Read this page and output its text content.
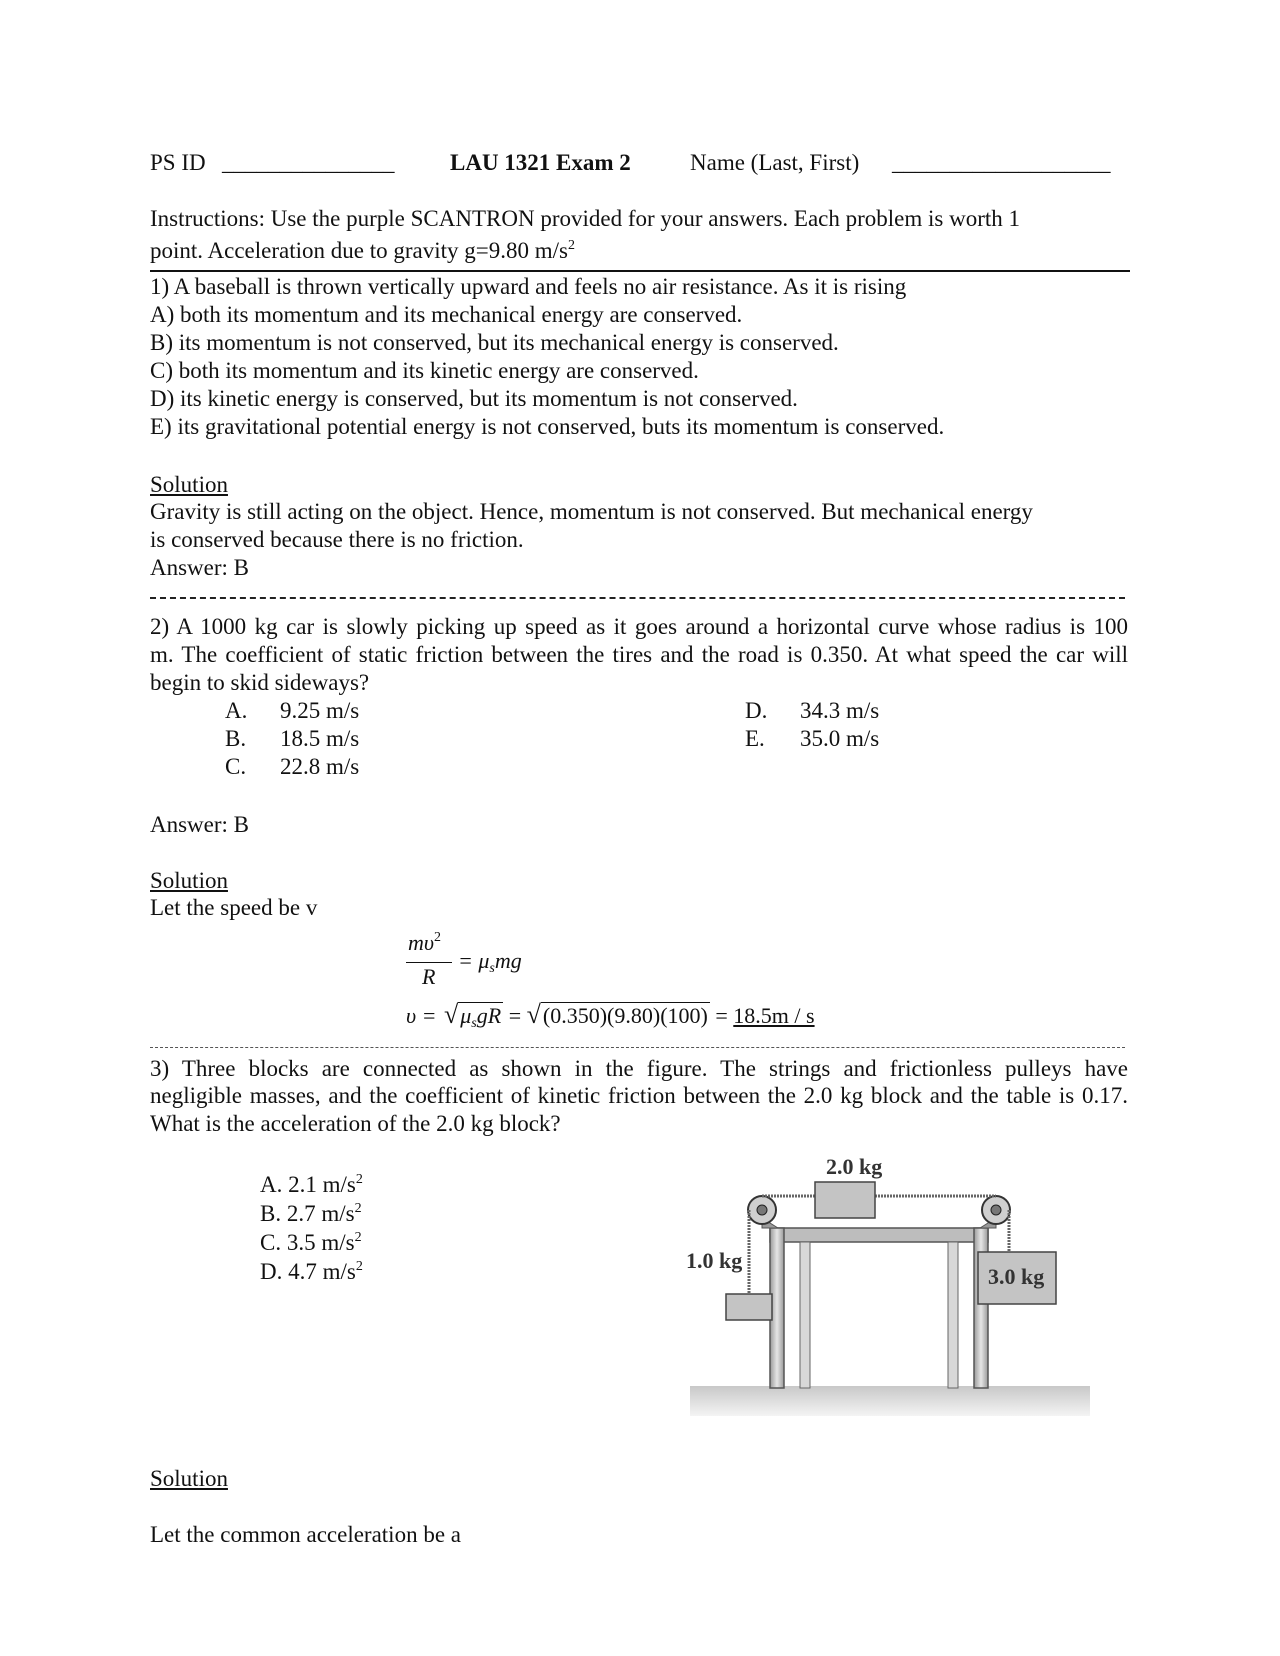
PS ID _______________ LAU 1321 Exam 2	Name (Last, First) ___________________
Instructions: Use the purple SCANTRON provided for your answers. Each problem is worth 1
point. Acceleration due to gravity g=9.80 $m/s^2$
1) A baseball is thrown vertically upward and feels no air resistance. As it is rising
A) both its momentum and its mechanical energy are conserved.
B) its momentum is not conserved, but its mechanical energy is conserved.
C) both its momentum and its kinetic energy are conserved.
D) its kinetic energy is conserved, but its momentum is not conserved.
E) its gravitational potential energy is not conserved, buts its momentum is conserved.
Solution
Gravity is still acting on the object. Hence, momentum is not conserved. But mechanical energy
is conserved because there is no friction.
Answer: B
2) A 1000 kg car is slowly picking up speed as it goes around a horizontal curve whose radius is 100
m. The coefficient of static friction between the tires and the road is 0.350. At what speed the car will
begin to skid sideways?
A. 9.25 m/s
B. 18.5 m/s
C. 22.8 m/s
D. 34.3 m/s
E. 35.0 m/s
Answer: B
Solution
Let the speed be v
$m\upsilon^2$
R
= $\mu_smg$
$\upsilon = √\mu_sgR = √(0.350)(9.80)(100) = 18.5m / s$
3) Three blocks are connected as shown in the figure. The strings and frictionless pulleys have
negligible masses, and the coefficient of kinetic friction between the 2.0 kg block and the table is 0.17.
What is the acceleration of the 2.0 kg block?
A. 2.1 $m/s^2$
B. 2.7 $m/s^2$
C. 3.5 $m/s^2$
D. 4.7 $m/s^2$
2.0 kg
1.0 kg
3.0 kg
Solution
Let the common acceleration be a
